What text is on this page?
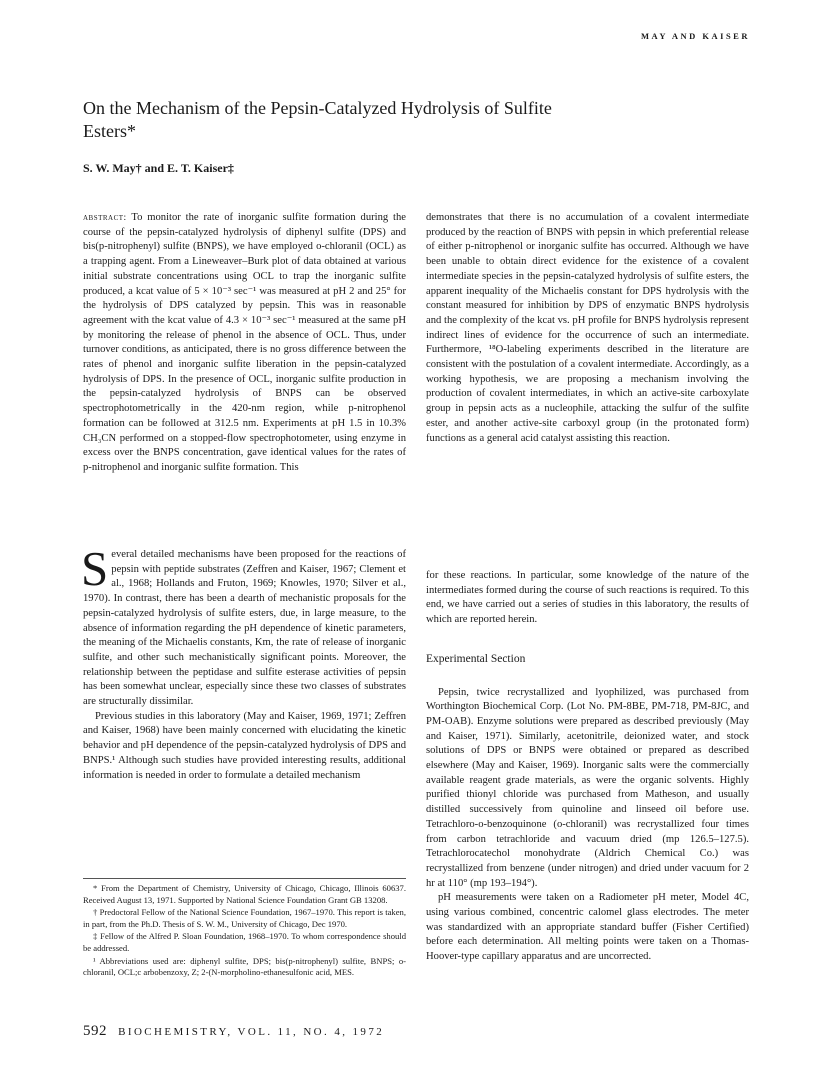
MAY AND KAISER
On the Mechanism of the Pepsin-Catalyzed Hydrolysis of Sulfite Esters*
S. W. May† and E. T. Kaiser‡

abstract: To monitor the rate of inorganic sulfite formation during the course of the pepsin-catalyzed hydrolysis of diphenyl sulfite (DPS) and bis(p-nitrophenyl) sulfite (BNPS), we have employed o-chloranil (OCL) as a trapping agent. From a Lineweaver–Burk plot of data obtained at various initial substrate concentrations using OCL to trap the inorganic sulfite produced, a kcat value of 5 × 10⁻³ sec⁻¹ was measured at pH 2 and 25° for the hydrolysis of DPS catalyzed by pepsin. This was in reasonable agreement with the kcat value of 4.3 × 10⁻³ sec⁻¹ measured at the same pH by monitoring the release of phenol in the absence of OCL. Thus, under turnover conditions, as anticipated, there is no gross difference between the rates of phenol and inorganic sulfite liberation in the pepsin-catalyzed hydrolysis of DPS. In the presence of OCL, inorganic sulfite production in the pepsin-catalyzed hydrolysis of BNPS can be observed spectrophotometrically in the 420-nm region, while p-nitrophenol formation can be followed at 312.5 nm. Experiments at pH 1.5 in 10.3% CH₃CN performed on a stopped-flow spectrophotometer, using enzyme in excess over the BNPS concentration, gave identical values for the rates of p-nitrophenol and inorganic sulfite formation. This

demonstrates that there is no accumulation of a covalent intermediate produced by the reaction of BNPS with pepsin in which preferential release of either p-nitrophenol or inorganic sulfite has occurred. Although we have been unable to obtain direct evidence for the existence of a covalent intermediate species in the pepsin-catalyzed hydrolysis of sulfite esters, the apparent inequality of the Michaelis constant for DPS hydrolysis with the constant measured for inhibition by DPS of enzymatic BNPS hydrolysis and the complexity of the kcat vs. pH profile for BNPS hydrolysis represent indirect lines of evidence for the occurrence of such an intermediate. Furthermore, ¹⁸O-labeling experiments described in the literature are consistent with the postulation of a covalent intermediate. Accordingly, as a working hypothesis, we are proposing a mechanism involving the production of covalent intermediates, in which an active-site carboxylate group in pepsin acts as a nucleophile, attacking the sulfur of the sulfite ester, and another active-site carboxyl group (in the protonated form) functions as a general acid catalyst assisting this reaction.

Several detailed mechanisms have been proposed for the reactions of pepsin with peptide substrates (Zeffren and Kaiser, 1967; Clement et al., 1968; Hollands and Fruton, 1969; Knowles, 1970; Silver et al., 1970). In contrast, there has been a dearth of mechanistic proposals for the pepsin-catalyzed hydrolysis of sulfite esters, due, in large measure, to the absence of information regarding the pH dependence of kinetic parameters, the meaning of the Michaelis constants, Km, the rate of release of inorganic sulfite, and other such mechanistically significant points. Moreover, the relationship between the peptidase and sulfite esterase activities of pepsin has been somewhat unclear, especially since these two classes of substrates are structurally dissimilar.

Previous studies in this laboratory (May and Kaiser, 1969, 1971; Zeffren and Kaiser, 1968) have been mainly concerned with elucidating the kinetic behavior and pH dependence of the pepsin-catalyzed hydrolysis of DPS and BNPS.¹ Although such studies have provided interesting results, additional information is needed in order to formulate a detailed mechanism

for these reactions. In particular, some knowledge of the nature of the intermediates formed during the course of such reactions is required. To this end, we have carried out a series of studies in this laboratory, the results of which are reported herein.

Experimental Section

Pepsin, twice recrystallized and lyophilized, was purchased from Worthington Biochemical Corp. (Lot No. PM-8BE, PM-718, PM-8JC, and PM-OAB). Enzyme solutions were prepared as described previously (May and Kaiser, 1971). Similarly, acetonitrile, deionized water, and stock solutions of DPS or BNPS were obtained or prepared as described elsewhere (May and Kaiser, 1969). Inorganic salts were the commercially available reagent grade materials, as were the organic solvents. Highly purified thionyl chloride was purchased from Matheson, and usually distilled successively from quinoline and linseed oil before use. Tetrachloro-o-benzoquinone (o-chloranil) was recrystallized four times from carbon tetrachloride and vacuum dried (mp 126.5–127.5). Tetrachlorocatechol monohydrate (Aldrich Chemical Co.) was recrystallized from benzene (under nitrogen) and dried under vacuum for 2 hr at 110° (mp 193–194°).

pH measurements were taken on a Radiometer pH meter, Model 4C, using various combined, concentric calomel glass electrodes. The meter was standardized with an appropriate standard buffer (Fisher Certified) before each determination. All melting points were taken on a Thomas-Hoover-type capillary apparatus and are uncorrected.

* From the Department of Chemistry, University of Chicago, Chicago, Illinois 60637. Received August 13, 1971. Supported by National Science Foundation Grant GB 13208.

† Predoctoral Fellow of the National Science Foundation, 1967–1970. This report is taken, in part, from the Ph.D. Thesis of S. W. M., University of Chicago, Dec 1970.

‡ Fellow of the Alfred P. Sloan Foundation, 1968–1970. To whom correspondence should be addressed.

¹ Abbreviations used are: diphenyl sulfite, DPS; bis(p-nitrophenyl) sulfite, BNPS; o-chloranil, OCL;c arbobenzoxy, Z; 2-(N-morpholino-ethanesulfonic acid, MES.

592 BIOCHEMISTRY, VOL. 11, NO. 4, 1972
